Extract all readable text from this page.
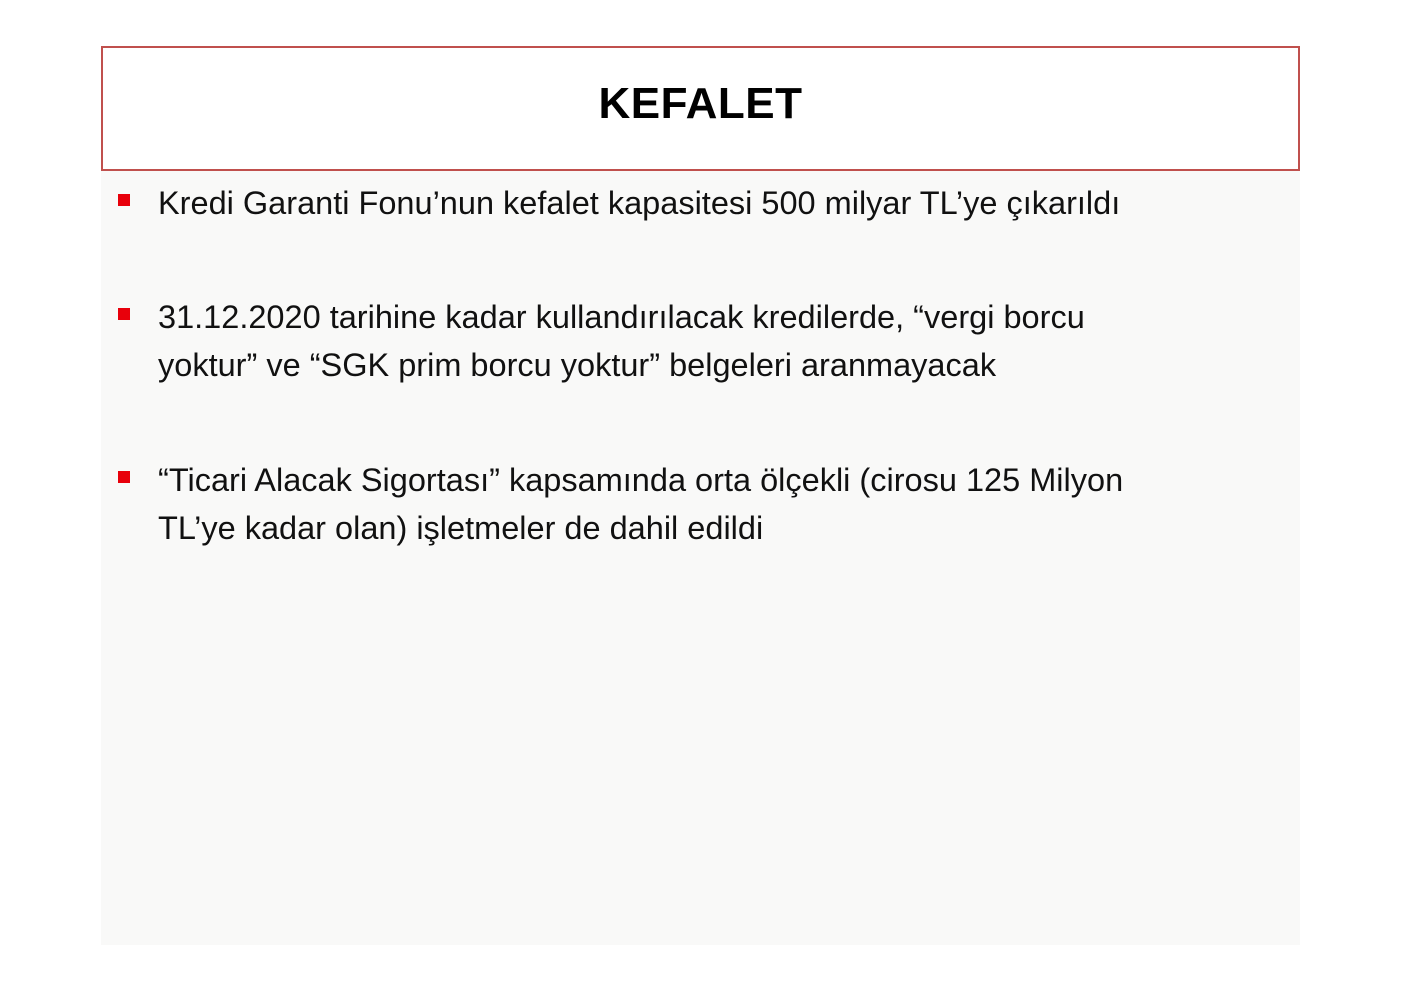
Kredi Garanti Fonu’nun kefalet kapasitesi 500 milyar TL’ye çıkarıldı
31.12.2020 tarihine kadar kullandırılacak kredilerde, “vergi borcu
yoktur” ve “SGK prim borcu yoktur” belgeleri aranmayacak
“Ticari Alacak Sigortası” kapsamında orta ölçekli (cirosu 125 Milyon
TL’ye kadar olan) işletmeler de dahil edildi
KEFALET
